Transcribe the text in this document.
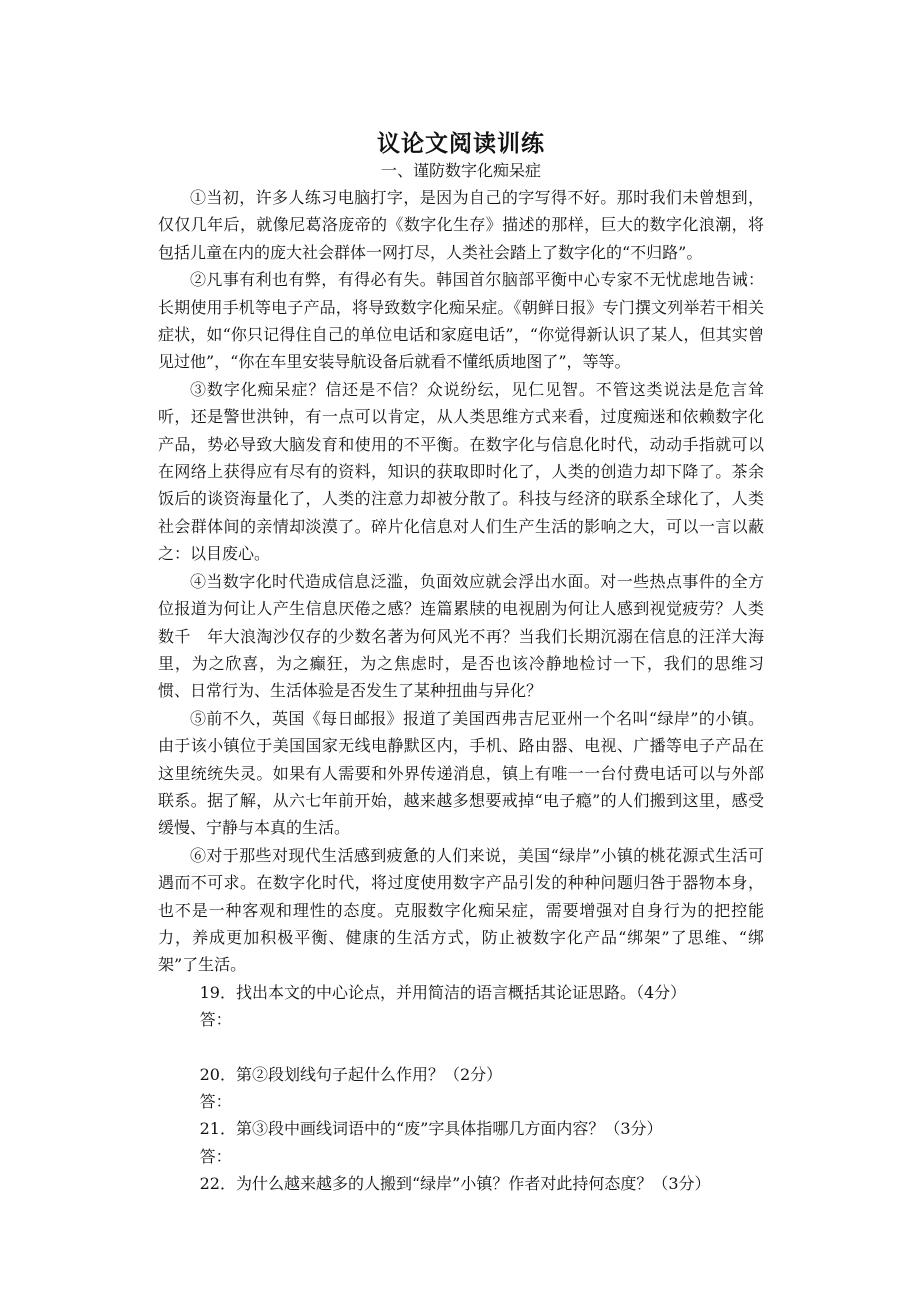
议论文阅读训练
一、谨防数字化痴呆症

①当初，许多人练习电脑打字，是因为自己的字写得不好。那时我们未曾想到，仅仅几年后，就像尼葛洛庞帝的《数字化生存》描述的那样，巨大的数字化浪潮，将包括儿童在内的庞大社会群体一网打尽，人类社会踏上了数字化的“不归路”。

②凡事有利也有弊，有得必有失。韩国首尔脑部平衡中心专家不无忧虑地告诫：长期使用手机等电子产品，将导致数字化痴呆症。《朝鲜日报》专门撰文列举若干相关症状，如“你只记得住自己的单位电话和家庭电话”，“你觉得新认识了某人，但其实曾见过他”，“你在车里安装导航设备后就看不懂纸质地图了”，等等。

③数字化痴呆症？信还是不信？众说纷纭，见仁见智。不管这类说法是危言耸听，还是警世洪钟，有一点可以肯定，从人类思维方式来看，过度痴迷和依赖数字化产品，势必导致大脑发育和使用的不平衡。在数字化与信息化时代，动动手指就可以在网络上获得应有尽有的资料，知识的获取即时化了，人类的创造力却下降了。茶余饭后的谈资海量化了，人类的注意力却被分散了。科技与经济的联系全球化了，人类社会群体间的亲情却淡漠了。碎片化信息对人们生产生活的影响之大，可以一言以蔽之：以目废心。

④当数字化时代造成信息泛滥，负面效应就会浮出水面。对一些热点事件的全方位报道为何让人产生信息厌倦之感？连篇累牍的电视剧为何让人感到视觉疲劳？人类数千　年大浪淘沙仅存的少数名著为何风光不再？当我们长期沉溺在信息的汪洋大海里，为之欣喜，为之癫狂，为之焦虑时，是否也该冷静地检讨一下，我们的思维习惯、日常行为、生活体验是否发生了某种扭曲与异化？

⑤前不久，英国《每日邮报》报道了美国西弗吉尼亚州一个名叫“绿岸”的小镇。由于该小镇位于美国国家无线电静默区内，手机、路由器、电视、广播等电子产品在这里统统失灵。如果有人需要和外界传递消息，镇上有唯一一台付费电话可以与外部联系。据了解，从六七年前开始，越来越多想要戒掉“电子瘾”的人们搬到这里，感受缓慢、宁静与本真的生活。

⑥对于那些对现代生活感到疲惫的人们来说，美国“绿岸”小镇的桃花源式生活可遇而不可求。在数字化时代，将过度使用数字产品引发的种种问题归咎于器物本身，也不是一种客观和理性的态度。克服数字化痴呆症，需要增强对自身行为的把控能力，养成更加积极平衡、健康的生活方式，防止被数字化产品“绑架”了思维、“绑架”了生活。

19．找出本文的中心论点，并用简洁的语言概括其论证思路。（4分）

答：

20．第②段划线句子起什么作用？（2分）

答：

21．第③段中画线词语中的“废”字具体指哪几方面内容？（3分）

答：

22．为什么越来越多的人搬到“绿岸”小镇？作者对此持何态度？（3分）
